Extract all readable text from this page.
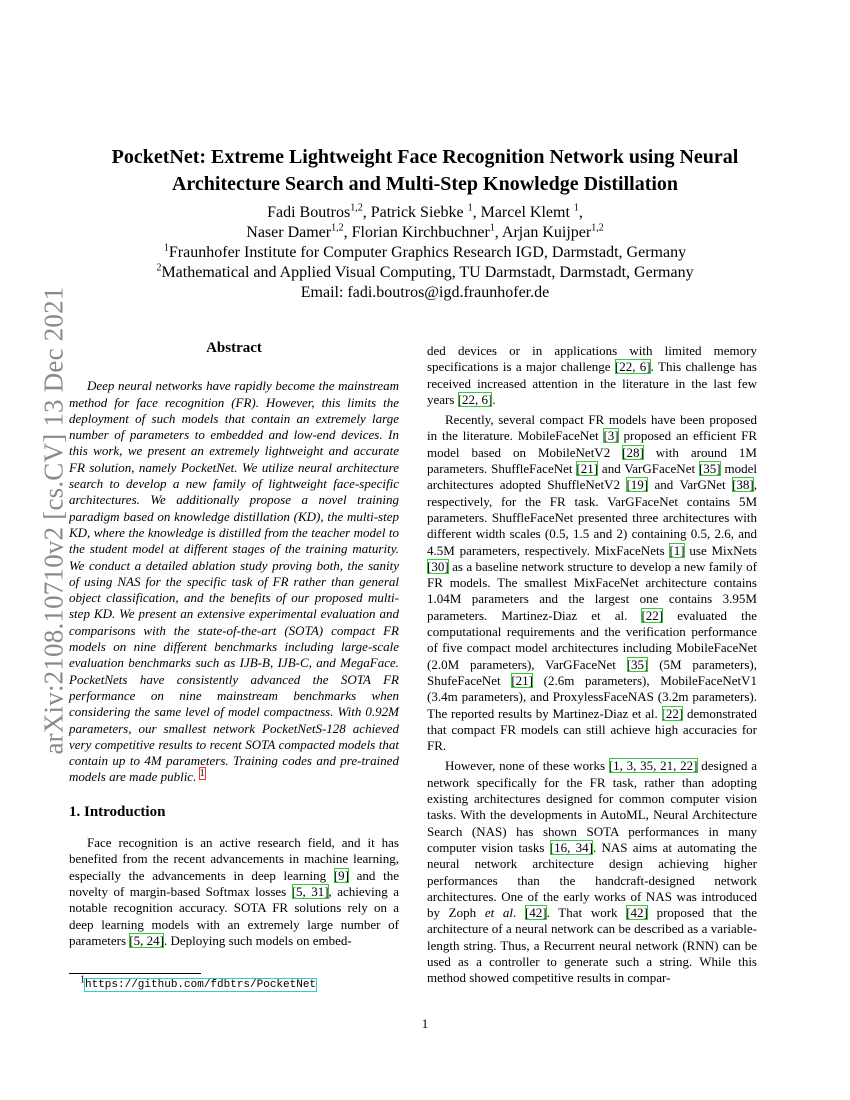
arXiv:2108.10710v2 [cs.CV] 13 Dec 2021
PocketNet: Extreme Lightweight Face Recognition Network using Neural
Architecture Search and Multi-Step Knowledge Distillation
Fadi Boutros$^{1,2}$, Patrick Siebke $^1$, Marcel Klemt $^1$,
Naser Damer$^{1,2}$, Florian Kirchbuchner$^1$, Arjan Kuijper$^{1,2}$
$^1$Fraunhofer Institute for Computer Graphics Research IGD, Darmstadt, Germany
$^2$Mathematical and Applied Visual Computing, TU Darmstadt, Darmstadt, Germany
Email: fadi.boutros@igd.fraunhofer.de
Abstract

Deep neural networks have rapidly become the mainstream method for face recognition (FR). However, this limits the deployment of such models that contain an extremely large number of parameters to embedded and low-end devices. In this work, we present an extremely lightweight and accurate FR solution, namely PocketNet. We utilize neural architecture search to develop a new family of lightweight face-specific architectures. We additionally propose a novel training paradigm based on knowledge distillation (KD), the multi-step KD, where the knowledge is distilled from the teacher model to the student model at different stages of the training maturity. We conduct a detailed ablation study proving both, the sanity of using NAS for the specific task of FR rather than general object classification, and the benefits of our proposed multi-step KD. We present an extensive experimental evaluation and comparisons with the state-of-the-art (SOTA) compact FR models on nine different benchmarks including large-scale evaluation benchmarks such as IJB-B, IJB-C, and MegaFace. PocketNets have consistently advanced the SOTA FR performance on nine mainstream benchmarks when considering the same level of model compactness. With 0.92M parameters, our smallest network PocketNetS-128 achieved very competitive results to recent SOTA compacted models that contain up to 4M parameters. Training codes and pre-trained models are made public. $^1$

1. Introduction

Face recognition is an active research field, and it has benefited from the recent advancements in machine learning, especially the advancements in deep learning [9] and the novelty of margin-based Softmax losses [5, 31], achieving a notable recognition accuracy. SOTA FR solutions rely on a deep learning models with an extremely large number of parameters [5, 24]. Deploying such models on embed-

ded devices or in applications with limited memory specifications is a major challenge [22, 6]. This challenge has received increased attention in the literature in the last few years [22, 6].

Recently, several compact FR models have been proposed in the literature. MobileFaceNet [3] proposed an efficient FR model based on MobileNetV2 [28] with around 1M parameters. ShuffleFaceNet [21] and VarGFaceNet [35] model architectures adopted ShuffleNetV2 [19] and VarGNet [38], respectively, for the FR task. VarGFaceNet contains 5M parameters. ShuffleFaceNet presented three architectures with different width scales (0.5, 1.5 and 2) containing 0.5, 2.6, and 4.5M parameters, respectively. MixFaceNets [1] use MixNets [30] as a baseline network structure to develop a new family of FR models. The smallest MixFaceNet architecture contains 1.04M parameters and the largest one contains 3.95M parameters. Martinez-Diaz et al. [22] evaluated the computational requirements and the verification performance of five compact model architectures including MobileFaceNet (2.0M parameters), VarGFaceNet [35] (5M parameters), ShufeFaceNet [21] (2.6m parameters), MobileFaceNetV1 (3.4m parameters), and ProxylessFaceNAS (3.2m parameters). The reported results by Martinez-Diaz et al. [22] demonstrated that compact FR models can still achieve high accuracies for FR.

However, none of these works [1, 3, 35, 21, 22] designed a network specifically for the FR task, rather than adopting existing architectures designed for common computer vision tasks. With the developments in AutoML, Neural Architecture Search (NAS) has shown SOTA performances in many computer vision tasks [16, 34]. NAS aims at automating the neural network architecture design achieving higher performances than the handcraft-designed network architectures. One of the early works of NAS was introduced by Zoph et al. [42]. That work [42] proposed that the architecture of a neural network can be described as a variable-length string. Thus, a Recurrent neural network (RNN) can be used as a controller to generate such a string. While this method showed competitive results in compar-

$^1$https://github.com/fdbtrs/PocketNet
1
